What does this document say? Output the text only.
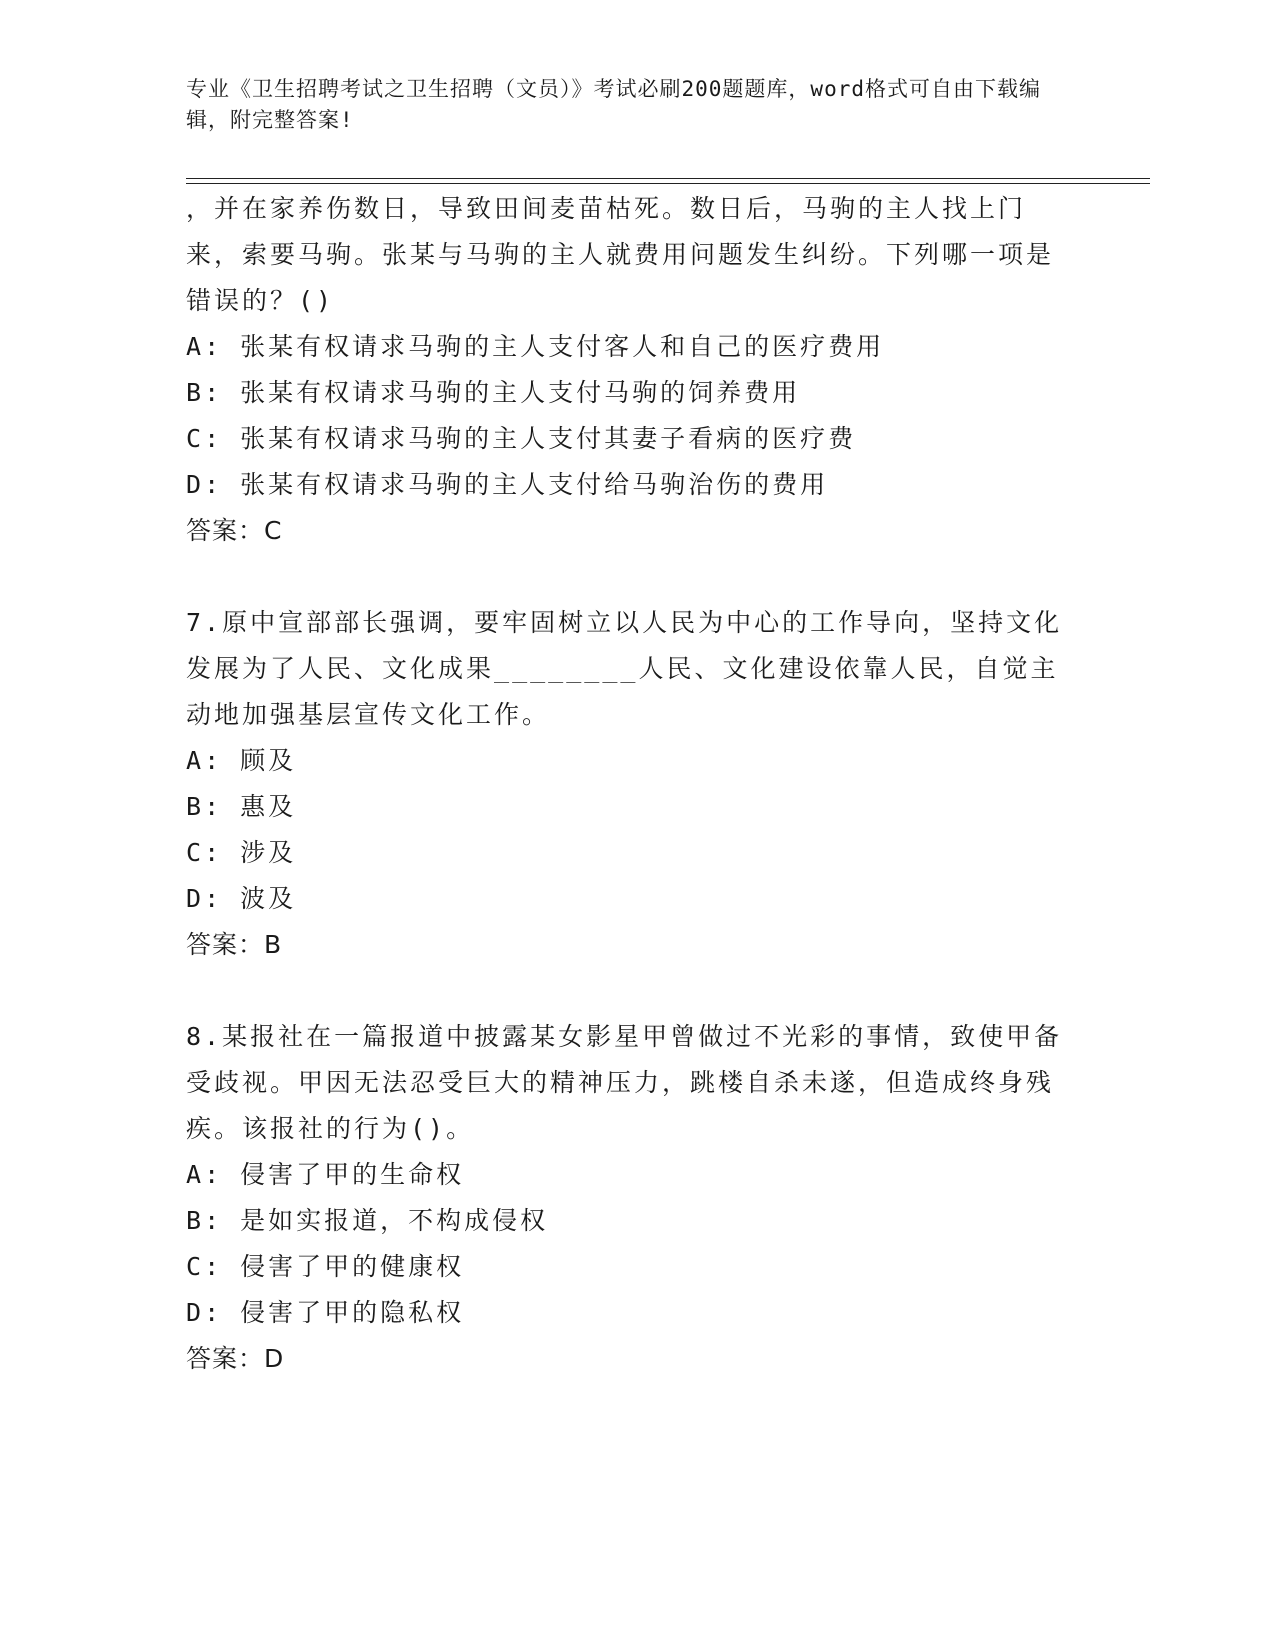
专业《卫生招聘考试之卫生招聘（文员）》考试必刷200题题库，word格式可自由下载编辑，附完整答案!

，并在家养伤数日，导致田间麦苗枯死。数日后，马驹的主人找上门来，索要马驹。张某与马驹的主人就费用问题发生纠纷。下列哪一项是错误的？()

A: 张某有权请求马驹的主人支付客人和自己的医疗费用

B: 张某有权请求马驹的主人支付马驹的饲养费用

C: 张某有权请求马驹的主人支付其妻子看病的医疗费

D: 张某有权请求马驹的主人支付给马驹治伤的费用

答案：C

7.原中宣部部长强调，要牢固树立以人民为中心的工作导向，坚持文化发展为了人民、文化成果________人民、文化建设依靠人民，自觉主动地加强基层宣传文化工作。

A: 顾及

B: 惠及

C: 涉及

D: 波及

答案：B

8.某报社在一篇报道中披露某女影星甲曾做过不光彩的事情，致使甲备受歧视。甲因无法忍受巨大的精神压力，跳楼自杀未遂，但造成终身残疾。该报社的行为()。

A: 侵害了甲的生命权

B: 是如实报道，不构成侵权

C: 侵害了甲的健康权

D: 侵害了甲的隐私权

答案：D
